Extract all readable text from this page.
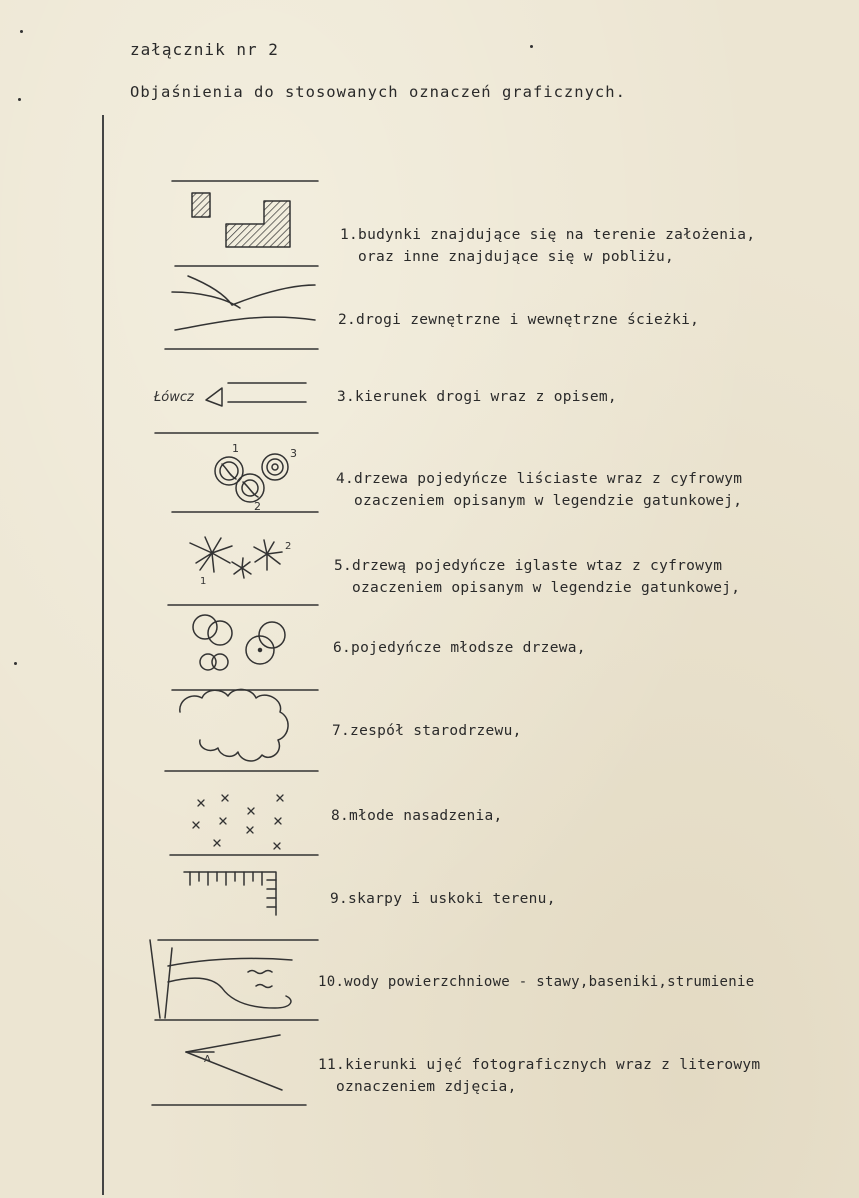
załącznik nr 2
Objaśnienia do stosowanych oznaczeń graficznych.
Łówcz
1	3
2
1
2
A
1.budynki znajdujące się na terenie założenia,
oraz inne znajdujące się w pobliżu,
2.drogi zewnętrzne i wewnętrzne ścieżki,
3.kierunek drogi wraz z opisem,
4.drzewa pojedyńcze liściaste wraz z cyfrowym
ozaczeniem opisanym w legendzie gatunkowej,
5.drzewą pojedyńcze iglaste wtaz z cyfrowym
ozaczeniem opisanym w legendzie gatunkowej,
6.pojedyńcze młodsze drzewa,
7.zespół starodrzewu,
8.młode nasadzenia,
9.skarpy i uskoki terenu,
10.wody powierzchniowe - stawy,baseniki,strumienie
11.kierunki ujęć fotograficznych wraz z literowym
oznaczeniem zdjęcia,
